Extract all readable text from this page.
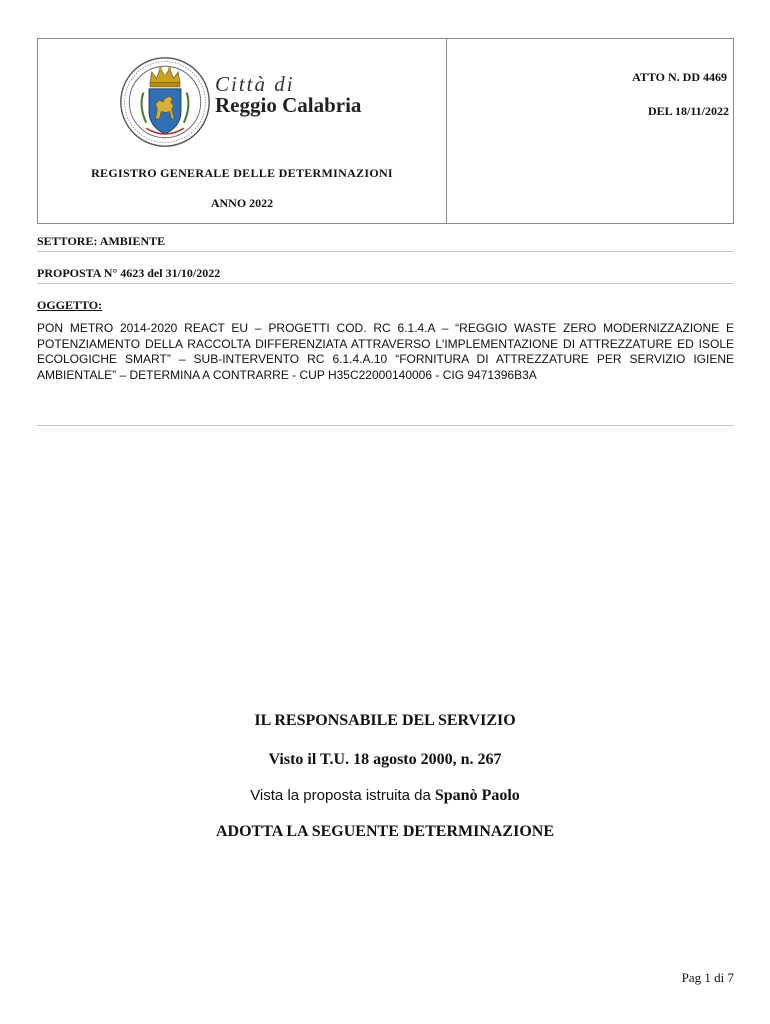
Città di
Reggio Calabria
REGISTRO GENERALE DELLE DETERMINAZIONI
ANNO 2022
ATTO N. DD 4469
DEL 18/11/2022
SETTORE: AMBIENTE
PROPOSTA N° 4623 del 31/10/2022
OGGETTO:
PON METRO 2014-2020 REACT EU – PROGETTI COD. RC 6.1.4.A – “REGGIO WASTE ZERO MODERNIZZAZIONE E POTENZIAMENTO DELLA RACCOLTA DIFFERENZIATA ATTRAVERSO L'IMPLEMENTAZIONE DI ATTREZZATURE ED ISOLE ECOLOGICHE SMART” – SUB-INTERVENTO RC 6.1.4.A.10 “FORNITURA DI ATTREZZATURE PER SERVIZIO IGIENE AMBIENTALE” – DETERMINA A CONTRARRE - CUP H35C22000140006 - CIG 9471396B3A
IL RESPONSABILE DEL SERVIZIO
Visto il T.U. 18 agosto 2000, n. 267
Vista la proposta istruita da Spanò Paolo
ADOTTA LA SEGUENTE DETERMINAZIONE
Pag 1 di 7
